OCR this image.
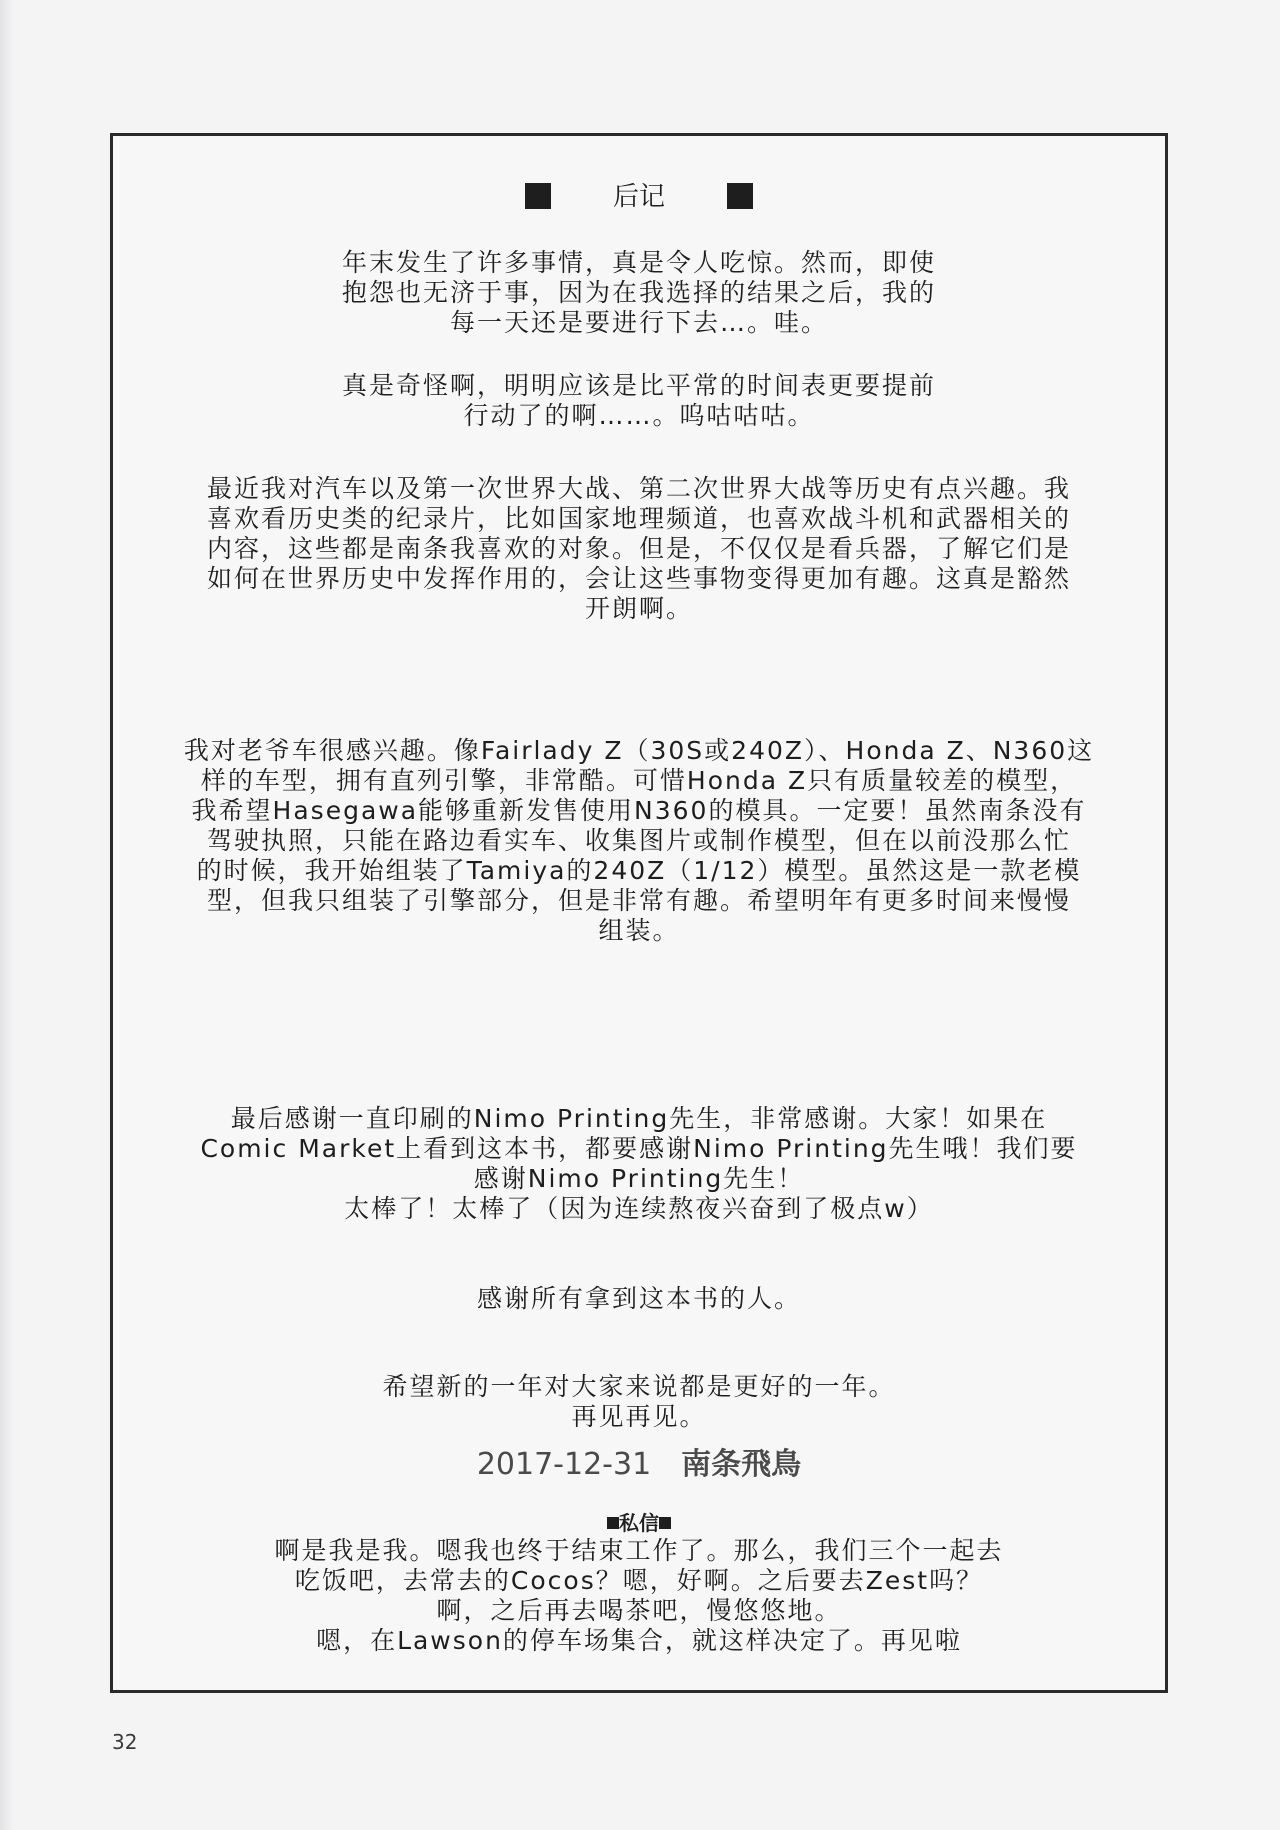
后记
年末发生了许多事情，真是令人吃惊。然而，即使
抱怨也无济于事，因为在我选择的结果之后，我的
每一天还是要进行下去…。哇。
真是奇怪啊，明明应该是比平常的时间表更要提前
行动了的啊……。呜咕咕咕。
最近我对汽车以及第一次世界大战、第二次世界大战等历史有点兴趣。我
喜欢看历史类的纪录片，比如国家地理频道，也喜欢战斗机和武器相关的
内容，这些都是南条我喜欢的对象。但是，不仅仅是看兵器，了解它们是
如何在世界历史中发挥作用的，会让这些事物变得更加有趣。这真是豁然
开朗啊。
我对老爷车很感兴趣。像Fairlady Z（30S或240Z）、Honda Z、N360这
样的车型，拥有直列引擎，非常酷。可惜Honda Z只有质量较差的模型，
我希望Hasegawa能够重新发售使用N360的模具。一定要！虽然南条没有
驾驶执照，只能在路边看实车、收集图片或制作模型，但在以前没那么忙
的时候，我开始组装了Tamiya的240Z（1/12）模型。虽然这是一款老模
型，但我只组装了引擎部分，但是非常有趣。希望明年有更多时间来慢慢
组装。
最后感谢一直印刷的Nimo Printing先生，非常感谢。大家！如果在
Comic Market上看到这本书，都要感谢Nimo Printing先生哦！我们要
感谢Nimo Printing先生！
太棒了！太棒了（因为连续熬夜兴奋到了极点w）
感谢所有拿到这本书的人。
希望新的一年对大家来说都是更好的一年。
再见再见。
2017-12-31 南条飛鳥
私信
啊是我是我。嗯我也终于结束工作了。那么，我们三个一起去
吃饭吧，去常去的Cocos？嗯，好啊。之后要去Zest吗？
啊，之后再去喝茶吧，慢悠悠地。
嗯，在Lawson的停车场集合，就这样决定了。再见啦
32
